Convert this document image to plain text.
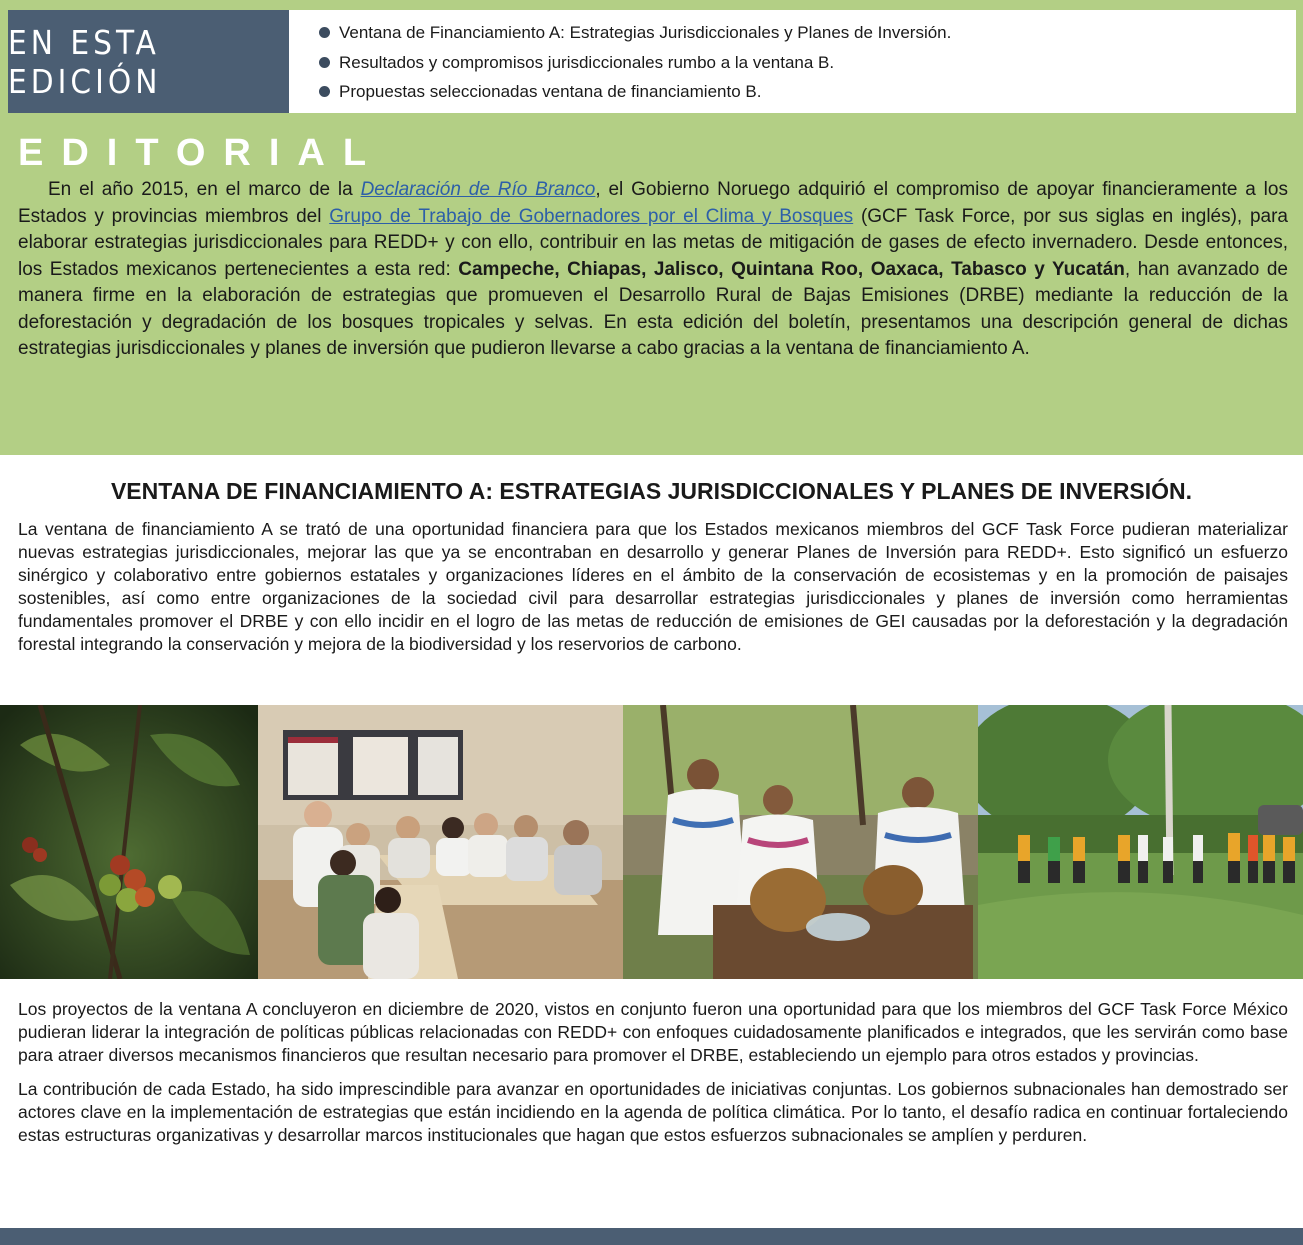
EN ESTA EDICIÓN
Ventana de Financiamiento A: Estrategias Jurisdiccionales y Planes de Inversión.
Resultados y compromisos jurisdiccionales rumbo a la ventana B.
Propuestas seleccionadas ventana de financiamiento B.
EDITORIAL

En el año 2015, en el marco de la Declaración de Río Branco, el Gobierno Noruego adquirió el compromiso de apoyar financieramente a los Estados y provincias miembros del Grupo de Trabajo de Gobernadores por el Clima y Bosques (GCF Task Force, por sus siglas en inglés), para elaborar estrategias jurisdiccionales para REDD+ y con ello, contribuir en las metas de mitigación de gases de efecto invernadero. Desde entonces, los Estados mexicanos pertenecientes a esta red: Campeche, Chiapas, Jalisco, Quintana Roo, Oaxaca, Tabasco y Yucatán, han avanzado de manera firme en la elaboración de estrategias que promueven el Desarrollo Rural de Bajas Emisiones (DRBE) mediante la reducción de la deforestación y degradación de los bosques tropicales y selvas. En esta edición del boletín, presentamos una descripción general de dichas estrategias jurisdiccionales y planes de inversión que pudieron llevarse a cabo gracias a la ventana de financiamiento A.

VENTANA DE FINANCIAMIENTO A: ESTRATEGIAS JURISDICCIONALES Y PLANES DE INVERSIÓN.

La ventana de financiamiento A se trató de una oportunidad financiera para que los Estados mexicanos miembros del GCF Task Force pudieran materializar nuevas estrategias jurisdiccionales, mejorar las que ya se encontraban en desarrollo y generar Planes de Inversión para REDD+. Esto significó un esfuerzo sinérgico y colaborativo entre gobiernos estatales y organizaciones líderes en el ámbito de la conservación de ecosistemas y en la promoción de paisajes sostenibles, así como entre organizaciones de la sociedad civil para desarrollar estrategias jurisdiccionales y planes de inversión como herramientas fundamentales promover el DRBE y con ello incidir en el logro de las metas de reducción de emisiones de GEI causadas por la deforestación y la degradación forestal integrando la conservación y mejora de la biodiversidad y los reservorios de carbono.

Los proyectos de la ventana A concluyeron en diciembre de 2020, vistos en conjunto fueron una oportunidad para que los miembros del GCF Task Force México pudieran liderar la integración de políticas públicas relacionadas con REDD+ con enfoques cuidadosamente planificados e integrados, que les servirán como base para atraer diversos mecanismos financieros que resultan necesario para promover el DRBE, estableciendo un ejemplo para otros estados y provincias.

La contribución de cada Estado, ha sido imprescindible para avanzar en oportunidades de iniciativas conjuntas. Los gobiernos subnacionales han demostrado ser actores clave en la implementación de estrategias que están incidiendo en la agenda de política climática. Por lo tanto, el desafío radica en continuar fortaleciendo estas estructuras organizativas y desarrollar marcos institucionales que hagan que estos esfuerzos subnacionales se amplíen y perduren.
